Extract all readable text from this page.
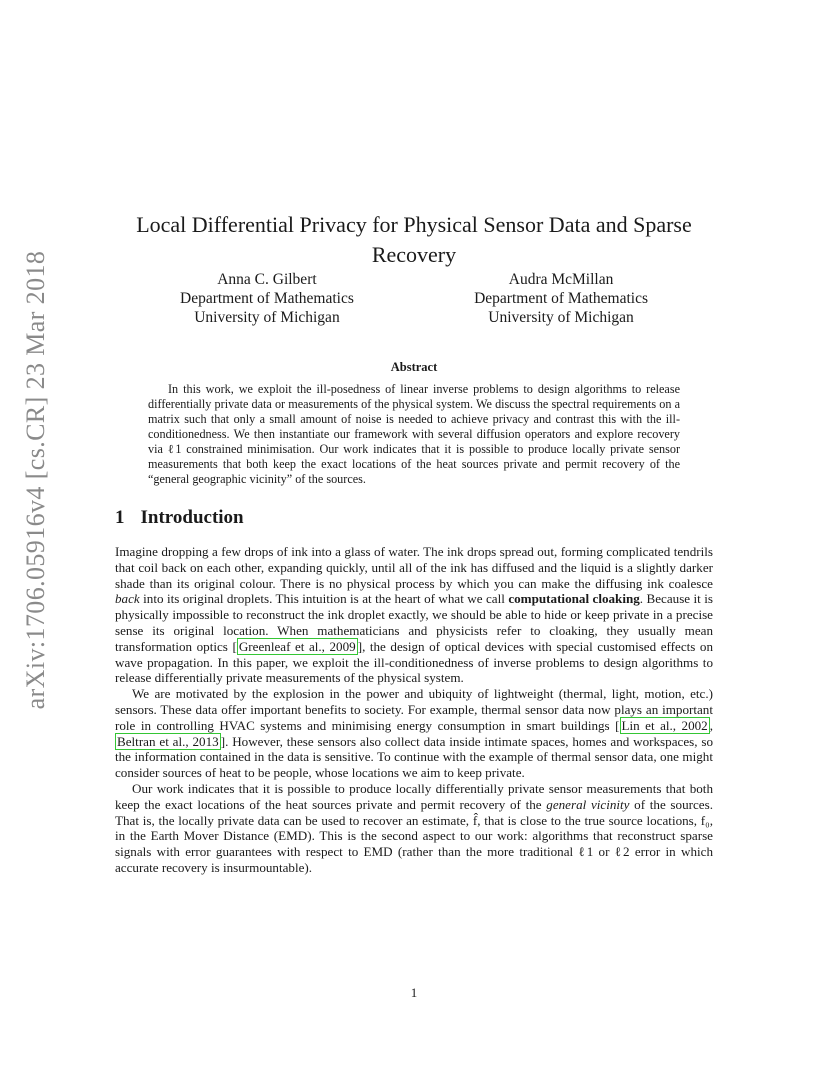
arXiv:1706.05916v4 [cs.CR] 23 Mar 2018
Local Differential Privacy for Physical Sensor Data and Sparse Recovery
Anna C. Gilbert
Department of Mathematics
University of Michigan
Audra McMillan
Department of Mathematics
University of Michigan
Abstract
In this work, we exploit the ill-posedness of linear inverse problems to design algorithms to release differentially private data or measurements of the physical system. We discuss the spectral requirements on a matrix such that only a small amount of noise is needed to achieve privacy and contrast this with the ill-conditionedness. We then instantiate our framework with several diffusion operators and explore recovery via ℓ1 constrained minimisation. Our work indicates that it is possible to produce locally private sensor measurements that both keep the exact locations of the heat sources private and permit recovery of the “general geographic vicinity” of the sources.
1 Introduction

Imagine dropping a few drops of ink into a glass of water. The ink drops spread out, forming complicated tendrils that coil back on each other, expanding quickly, until all of the ink has diffused and the liquid is a slightly darker shade than its original colour. There is no physical process by which you can make the diffusing ink coalesce back into its original droplets. This intuition is at the heart of what we call computational cloaking. Because it is physically impossible to reconstruct the ink droplet exactly, we should be able to hide or keep private in a precise sense its original location. When mathematicians and physicists refer to cloaking, they usually mean transformation optics [ Greenleaf et al., 2009 ], the design of optical devices with special customised effects on wave propagation. In this paper, we exploit the ill-conditionedness of inverse problems to design algorithms to release differentially private measurements of the physical system.

We are motivated by the explosion in the power and ubiquity of lightweight (thermal, light, motion, etc.) sensors. These data offer important benefits to society. For example, thermal sensor data now plays an important role in controlling HVAC systems and minimising energy consumption in smart buildings [ Lin et al., 2002 , Beltran et al., 2013 ]. However, these sensors also collect data inside intimate spaces, homes and workspaces, so the information contained in the data is sensitive. To continue with the example of thermal sensor data, one might consider sources of heat to be people, whose locations we aim to keep private.

Our work indicates that it is possible to produce locally differentially private sensor measurements that both keep the exact locations of the heat sources private and permit recovery of the general vicinity of the sources. That is, the locally private data can be used to recover an estimate, f̂, that is close to the true source locations, f₀, in the Earth Mover Distance (EMD). This is the second aspect to our work: algorithms that reconstruct sparse signals with error guarantees with respect to EMD (rather than the more traditional ℓ1 or ℓ2 error in which accurate recovery is insurmountable).

1
